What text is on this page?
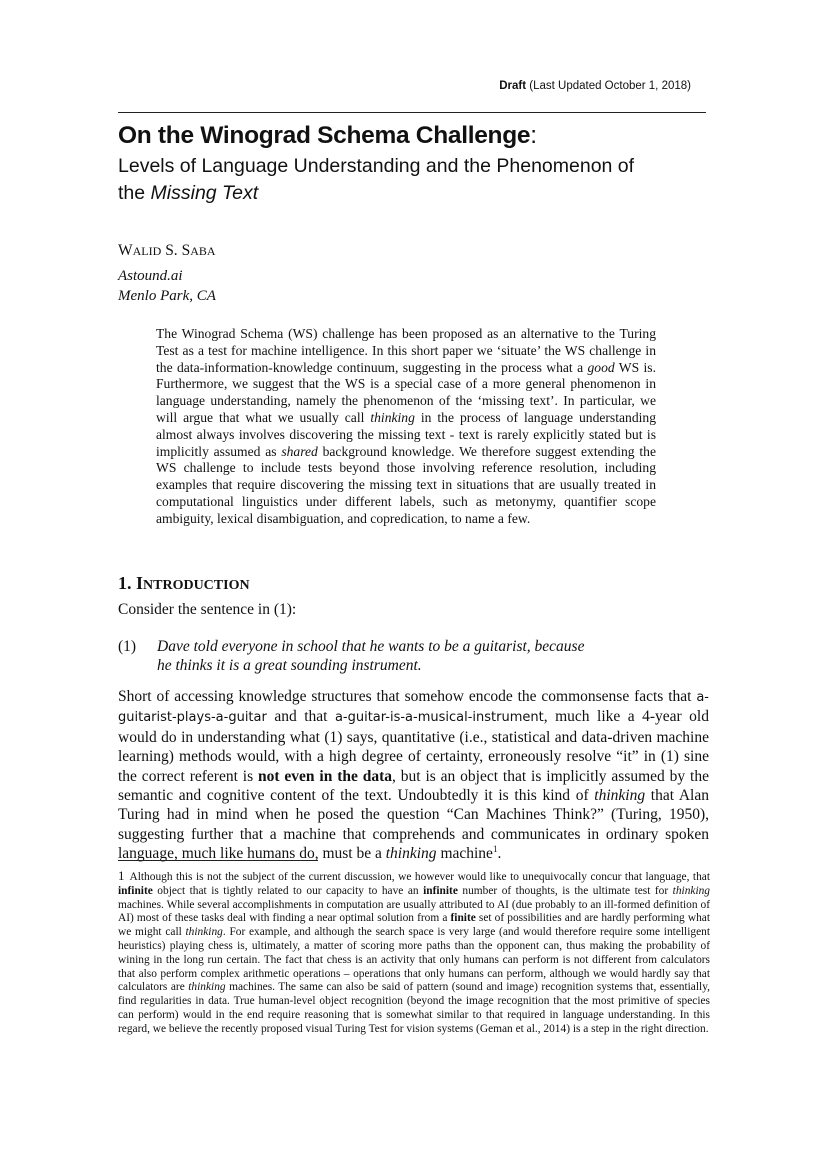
Draft (Last Updated October 1, 2018)
On the Winograd Schema Challenge:
Levels of Language Understanding and the Phenomenon of
the Missing Text
WALID S. SABA
Astound.ai
Menlo Park, CA
The Winograd Schema (WS) challenge has been proposed as an alternative to the Turing Test as a test for machine intelligence. In this short paper we ‘situate’ the WS challenge in the data-information-knowledge continuum, suggesting in the process what a good WS is. Furthermore, we suggest that the WS is a special case of a more general phenomenon in language understanding, namely the phenomenon of the ‘missing text’. In particular, we will argue that what we usually call thinking in the process of language understanding almost always involves discovering the missing text - text is rarely explicitly stated but is implicitly assumed as shared background knowledge. We therefore suggest extending the WS challenge to include tests beyond those involving reference resolution, including examples that require discovering the missing text in situations that are usually treated in computational linguistics under different labels, such as metonymy, quantifier scope ambiguity, lexical disambiguation, and copredication, to name a few.
1. INTRODUCTION
Consider the sentence in (1):
(1) Dave told everyone in school that he wants to be a guitarist, because
he thinks it is a great sounding instrument.
Short of accessing knowledge structures that somehow encode the commonsense facts that a-guitarist-plays-a-guitar and that a-guitar-is-a-musical-instrument, much like a 4-year old would do in understanding what (1) says, quantitative (i.e., statistical and data-driven machine learning) methods would, with a high degree of certainty, erroneously resolve “it” in (1) sine the correct referent is not even in the data, but is an object that is implicitly assumed by the semantic and cognitive content of the text. Undoubtedly it is this kind of thinking that Alan Turing had in mind when he posed the question “Can Machines Think?” (Turing, 1950), suggesting further that a machine that comprehends and communicates in ordinary spoken language, much like humans do, must be a thinking machine$^1$.
1 Although this is not the subject of the current discussion, we however would like to unequivocally concur that language, that infinite object that is tightly related to our capacity to have an infinite number of thoughts, is the ultimate test for thinking machines. While several accomplishments in computation are usually attributed to AI (due probably to an ill-formed definition of AI) most of these tasks deal with finding a near optimal solution from a finite set of possibilities and are hardly performing what we might call thinking. For example, and although the search space is very large (and would therefore require some intelligent heuristics) playing chess is, ultimately, a matter of scoring more paths than the opponent can, thus making the probability of wining in the long run certain. The fact that chess is an activity that only humans can perform is not different from calculators that also perform complex arithmetic operations – operations that only humans can perform, although we would hardly say that calculators are thinking machines. The same can also be said of pattern (sound and image) recognition systems that, essentially, find regularities in data. True human-level object recognition (beyond the image recognition that the most primitive of species can perform) would in the end require reasoning that is somewhat similar to that required in language understanding. In this regard, we believe the recently proposed visual Turing Test for vision systems (Geman et al., 2014) is a step in the right direction.
